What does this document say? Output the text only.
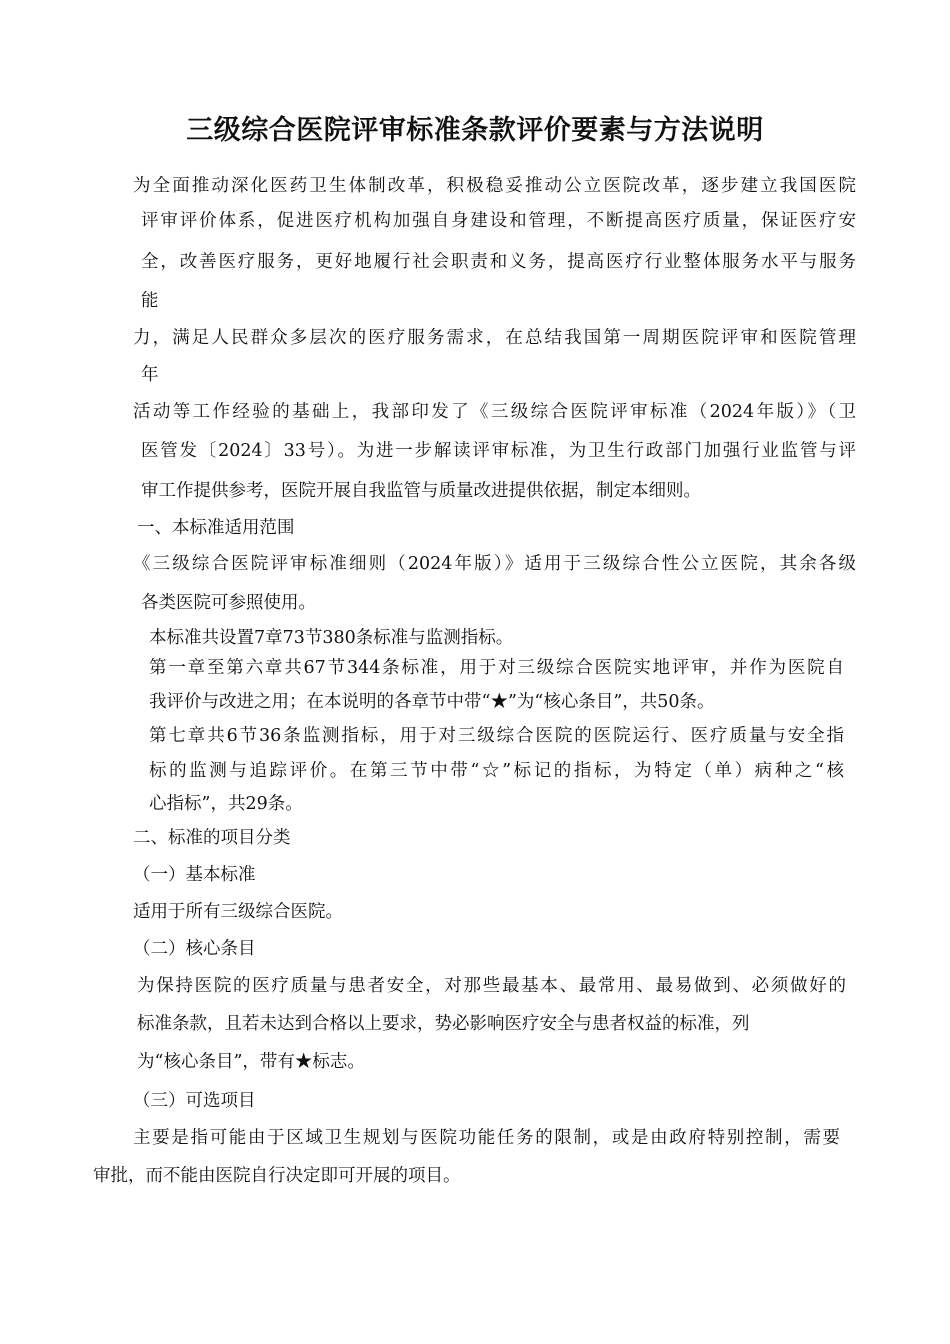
三级综合医院评审标准条款评价要素与方法说明
为全面推动深化医药卫生体制改革，积极稳妥推动公立医院改革，逐步建立我国医院
评审评价体系，促进医疗机构加强自身建设和管理，不断提高医疗质量，保证医疗安
全，改善医疗服务，更好地履行社会职责和义务，提高医疗行业整体服务水平与服务
能
力，满足人民群众多层次的医疗服务需求，在总结我国第一周期医院评审和医院管理
年
活动等工作经验的基础上，我部印发了《三级综合医院评审标准（2024年版）》（卫
医管发〔2024〕33号）。为进一步解读评审标准，为卫生行政部门加强行业监管与评
审工作提供参考，医院开展自我监管与质量改进提供依据，制定本细则。
一、本标准适用范围
《三级综合医院评审标准细则（2024年版）》适用于三级综合性公立医院，其余各级
各类医院可参照使用。
本标准共设置7章73节380条标准与监测指标。
第一章至第六章共67节344条标准，用于对三级综合医院实地评审，并作为医院自
我评价与改进之用；在本说明的各章节中带“★”为“核心条目”，共50条。
第七章共6节36条监测指标，用于对三级综合医院的医院运行、医疗质量与安全指
标的监测与追踪评价。在第三节中带“☆”标记的指标，为特定（单）病种之“核
心指标”，共29条。
二、标准的项目分类
（一）基本标准
适用于所有三级综合医院。
（二）核心条目
为保持医院的医疗质量与患者安全，对那些最基本、最常用、最易做到、必须做好的
标准条款，且若未达到合格以上要求，势必影响医疗安全与患者权益的标准，列
为“核心条目”，带有★标志。
（三）可选项目
主要是指可能由于区域卫生规划与医院功能任务的限制，或是由政府特别控制，需要
审批，而不能由医院自行决定即可开展的项目。
